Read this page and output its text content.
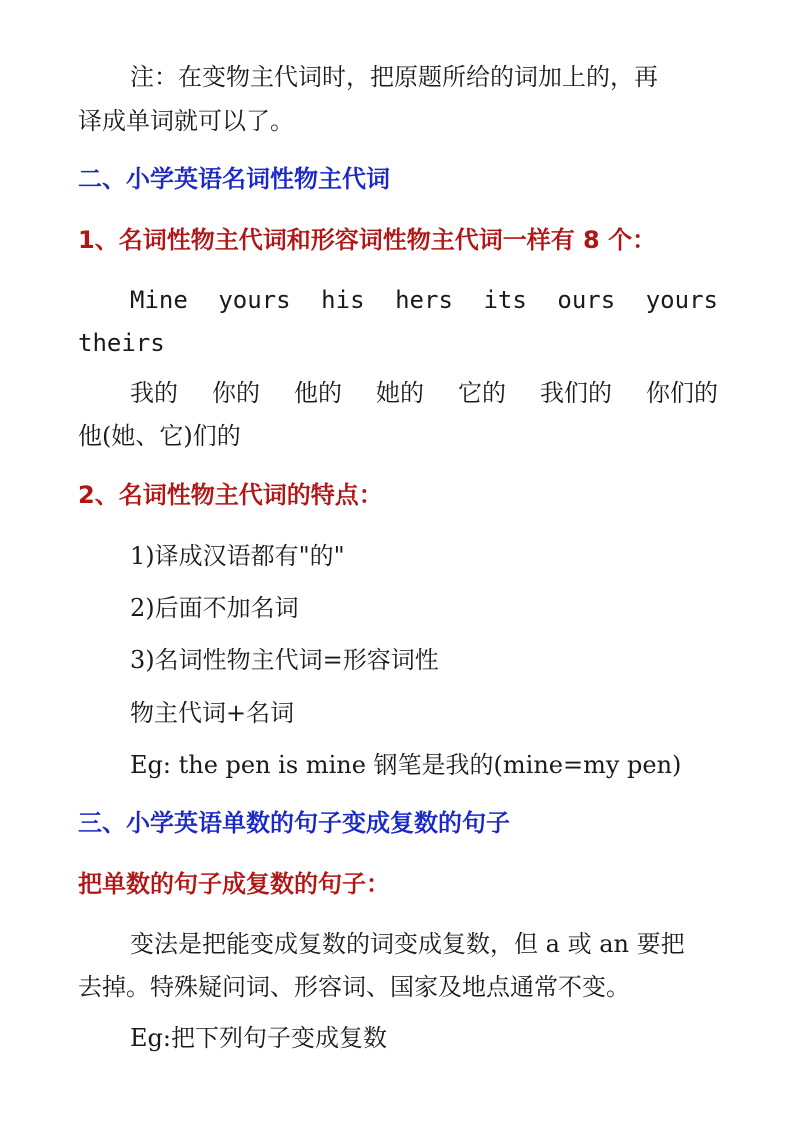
注：在变物主代词时，把原题所给的词加上的，再
译成单词就可以了。
二、小学英语名词性物主代词
1、名词性物主代词和形容词性物主代词一样有 8 个：
Mine yours his hers its ours yours
theirs
我的 你的 他的 她的 它的 我们的 你们的
他(她、它)们的
2、名词性物主代词的特点：
1)译成汉语都有"的"
2)后面不加名词
3)名词性物主代词=形容词性
物主代词+名词
Eg: the pen is mine 钢笔是我的(mine=my pen)
三、小学英语单数的句子变成复数的句子
把单数的句子成复数的句子：
变法是把能变成复数的词变成复数，但 a 或 an 要把
去掉。特殊疑问词、形容词、国家及地点通常不变。
Eg:把下列句子变成复数
